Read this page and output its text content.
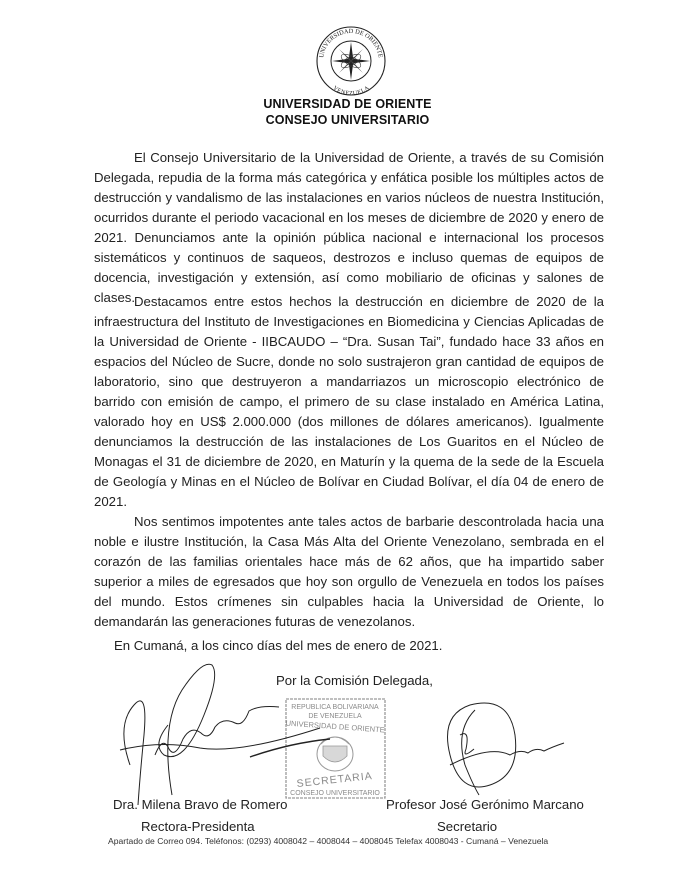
UNIVERSIDAD DE ORIENTE
VENEZUELA
UNIVERSIDAD DE ORIENTE
CONSEJO UNIVERSITARIO

El Consejo Universitario de la Universidad de Oriente, a través de su Comisión Delegada, repudia de la forma más categórica y enfática posible los múltiples actos de destrucción y vandalismo de las instalaciones en varios núcleos de nuestra Institución, ocurridos durante el periodo vacacional en los meses de diciembre de 2020 y enero de 2021. Denunciamos ante la opinión pública nacional e internacional los procesos sistemáticos y continuos de saqueos, destrozos e incluso quemas de equipos de docencia, investigación y extensión, así como mobiliario de oficinas y salones de clases.

Destacamos entre estos hechos la destrucción en diciembre de 2020 de la infraestructura del Instituto de Investigaciones en Biomedicina y Ciencias Aplicadas de la Universidad de Oriente - IIBCAUDO – “Dra. Susan Tai”, fundado hace 33 años en espacios del Núcleo de Sucre, donde no solo sustrajeron gran cantidad de equipos de laboratorio, sino que destruyeron a mandarriazos un microscopio electrónico de barrido con emisión de campo, el primero de su clase instalado en América Latina, valorado hoy en US$ 2.000.000 (dos millones de dólares americanos). Igualmente denunciamos la destrucción de las instalaciones de Los Guaritos en el Núcleo de Monagas el 31 de diciembre de 2020, en Maturín y la quema de la sede de la Escuela de Geología y Minas en el Núcleo de Bolívar en Ciudad Bolívar, el día 04 de enero de 2021.

Nos sentimos impotentes ante tales actos de barbarie descontrolada hacia una noble e ilustre Institución, la Casa Más Alta del Oriente Venezolano, sembrada en el corazón de las familias orientales hace más de 62 años, que ha impartido saber superior a miles de egresados que hoy son orgullo de Venezuela en todos los países del mundo. Estos crímenes sin culpables hacia la Universidad de Oriente, lo demandarán las generaciones futuras de venezolanos.

En Cumaná, a los cinco días del mes de enero de 2021.
Por la Comisión Delegada,
REPUBLICA BOLIVARIANA
DE VENEZUELA
UNIVERSIDAD DE ORIENTE
SECRETARIA
CONSEJO UNIVERSITARIO
Dra. Milena Bravo de Romero	Profesor José Gerónimo Marcano
Rectora-Presidenta	Secretario
Apartado de Correo 094. Teléfonos: (0293) 4008042 – 4008044 – 4008045 Telefax 4008043 - Cumaná – Venezuela
